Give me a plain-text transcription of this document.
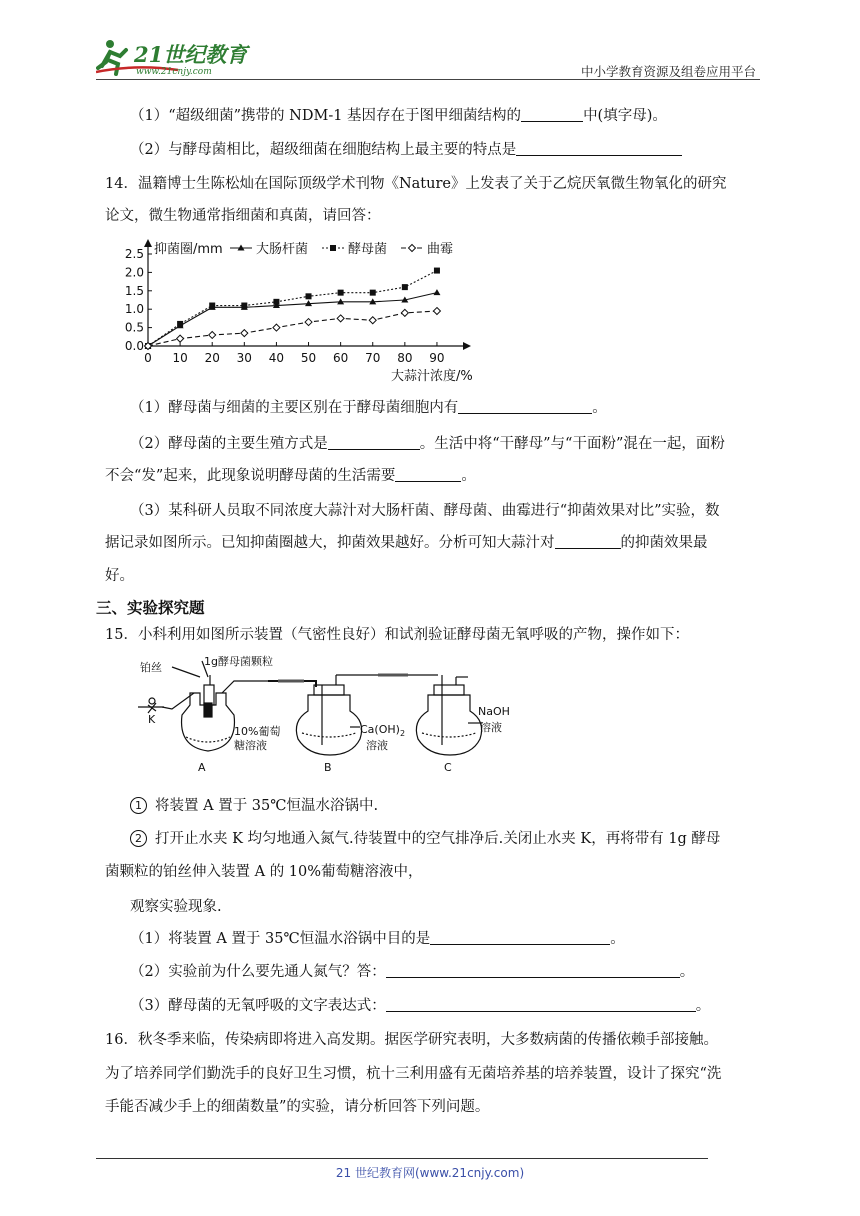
21世纪教育
www.21cnjy.com	中小学教育资源及组卷应用平台
（1）“超级细菌”携带的 NDM-1 基因存在于图甲细菌结构的	中(填字母)。
（2）与酵母菌相比，超级细菌在细胞结构上最主要的特点是
14．温籍博士生陈松灿在国际顶级学术刊物《Nature》上发表了关于乙烷厌氧微生物氧化的研究
论文，微生物通常指细菌和真菌，请回答：
0.0
0.5
1.0
1.5
2.0
2.5
0 10 20 30 40 50 60 70 80 90
抑菌圈/mm
大蒜汁浓度/%
大肠杆菌	酵母菌	曲霉
（1）酵母菌与细菌的主要区别在于酵母菌细胞内有	。
（2）酵母菌的主要生殖方式是	。生活中将“干酵母”与“干面粉”混在一起，面粉
不会“发”起来，此现象说明酵母菌的生活需要	。
（3）某科研人员取不同浓度大蒜汁对大肠杆菌、酵母菌、曲霉进行“抑菌效果对比”实验，数
据记录如图所示。已知抑菌圈越大，抑菌效果越好。分析可知大蒜汁对	的抑菌效果最
好。
三、实验探究题
15．小科利用如图所示装置（气密性良好）和试剂验证酵母菌无氧呼吸的产物，操作如下：
铂丝	1g酵母菌颗粒
K
10%葡萄
糖溶液
$Ca(OH)_2$
溶液
NaOH
溶液
A	B	C
1 将装置 A 置于 35℃恒温水浴锅中.
2 打开止水夹 K 均匀地通入氮气.待装置中的空气排净后.关闭止水夹 K，再将带有 1g 酵母
菌颗粒的铂丝伸入装置 A 的 10%葡萄糖溶液中，
观察实验现象.
（1）将装置 A 置于 35℃恒温水浴锅中目的是	。
（2）实验前为什么要先通人氮气？答：	。
（3）酵母菌的无氧呼吸的文字表达式：	。
16．秋冬季来临，传染病即将进入高发期。据医学研究表明，大多数病菌的传播依赖手部接触。
为了培养同学们勤洗手的良好卫生习惯，杭十三利用盛有无菌培养基的培养装置，设计了探究“洗
手能否减少手上的细菌数量”的实验，请分析回答下列问题。
21 世纪教育网(www.21cnjy.com)
